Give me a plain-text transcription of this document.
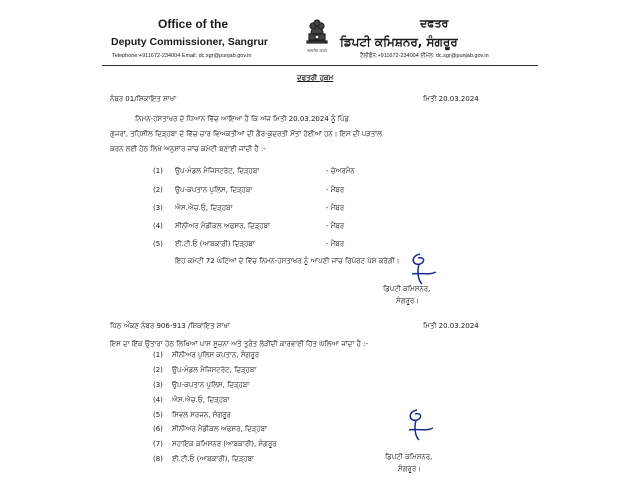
Office of the
Deputy Commissioner, Sangrur
Telephone:+911672-234004 Email: dc.sgr@punjab.gov.in
सत्यमेव जयते
ਦਫਤਰ
ਡਿਪਟੀ ਕਮਿਸ਼ਨਰ, ਸੰਗਰੂਰ
ਟੈਲੀਫੋਨ:+911672-234004 ਈਮੇਲ: dc.sgr@punjab.gov.in
ਦਫਤਰੀ ਹੁਕਮ
ਨੰਬਰ 01/ਸ਼ਿਕਾਇਤ ਸ਼ਾਖਾ	ਮਿਤੀ 20.03.2024
ਨਿਮਨ-ਹਸਤਾਖਰ ਦੇ ਧਿਆਨ ਵਿੱਚ ਆਇਆ ਹੈ ਕਿ ਅੱਜ ਮਿਤੀ 20.03.2024 ਨੂੰ ਪਿੰਡ
ਗੁਜਰਾਂ, ਤਹਿਸੀਲ ਦਿੜ੍ਹਬਾ ਦੇ ਵਿੱਚ ਚਾਰ ਵਿਅਕਤੀਆਂ ਦੀ ਗੈਰ-ਕੁਦਰਤੀ ਮੌਤਾਂ ਹੋਈਆਂ ਹਨ। ਇਸ ਦੀ ਪੜਤਾਲ
ਕਰਨ ਲਈ ਹੇਠ ਲਿਖੇ ਅਨੁਸਾਰ ਜਾਂਚ ਕਮੇਟੀ ਬਣਾਈ ਜਾਂਦੀ ਹੈ :-
(1) ਉਪ-ਮੰਡਲ ਮੈਜਿਸਟਰੇਟ, ਦਿੜ੍ਹਬਾ	- ਚੇਅਰਮੈਨ
(2) ਉਪ-ਕਪਤਾਨ ਪੁਲਿਸ, ਦਿੜ੍ਹਬਾ	- ਮੈਂਬਰ
(3) ਐਸ.ਐਚ.ਓ, ਦਿੜ੍ਹਬਾ	- ਮੈਂਬਰ
(4) ਸੀਨੀਅਰ ਮੈਡੀਕਲ ਅਫਸਰ, ਦਿੜ੍ਹਬਾ	- ਮੈਂਬਰ
(5) ਈ.ਟੀ.ਓ (ਆਬਕਾਰੀ) ਦਿੜ੍ਹਬਾ	- ਮੈਂਬਰ
ਇਹ ਕਮੇਟੀ 72 ਘੰਟਿਆਂ ਦੇ ਵਿੱਚ ਨਿਮਨ-ਹਸਤਾਖਰ ਨੂੰ ਆਪਣੀ ਜਾਂਚ ਰਿਪੋਰਟ ਪੇਸ਼ ਕਰੇਗੀ।
ਡਿਪਟੀ ਕਮਿਸ਼ਨਰ,
ਸੰਗਰੂਰ।
ਪਿੱਠ ਅੰਕਣ ਨੰਬਰ 906-913 /ਸ਼ਿਕਾਇਤ ਸ਼ਾਖਾ	ਮਿਤੀ 20.03.2024
ਇਸ ਦਾ ਇੱਕ ਉਤਾਰਾ ਹੇਠ ਲਿਖਿਆਂ ਪਾਸ ਸੂਚਨਾ ਅਤੇ ਤੁਰੰਤ ਲੋੜੀਂਦੀ ਕਾਰਵਾਈ ਹਿੱਤ ਘੱਲਿਆ ਜਾਂਦਾ ਹੈ :-
(1) ਸੀਨੀਅਰ ਪੁਲਿਸ ਕਪਤਾਨ, ਸੰਗਰੂਰ
(2) ਉਪ-ਮੰਡਲ ਮੈਜਿਸਟਰੇਟ, ਦਿੜ੍ਹਬਾ
(3) ਉਪ-ਕਪਤਾਨ ਪੁਲਿਸ, ਦਿੜ੍ਹਬਾ
(4) ਐਸ.ਐਚ.ਓ, ਦਿੜ੍ਹਬਾ
(5) ਸਿਵਲ ਸਰਜਨ, ਸੰਗਰੂਰ
(6) ਸੀਨੀਅਰ ਮੈਡੀਕਲ ਅਫਸਰ, ਦਿੜ੍ਹਬਾ
(7) ਸਹਾਇਕ ਕਮਿਸ਼ਨਰ (ਆਬਕਾਰੀ), ਸੰਗਰੂਰ
(8) ਈ.ਟੀ.ਓ (ਆਬਕਾਰੀ), ਦਿੜ੍ਹਬਾ	ਡਿਪਟੀ ਕਮਿਸ਼ਨਰ,
ਸੰਗਰੂਰ।
